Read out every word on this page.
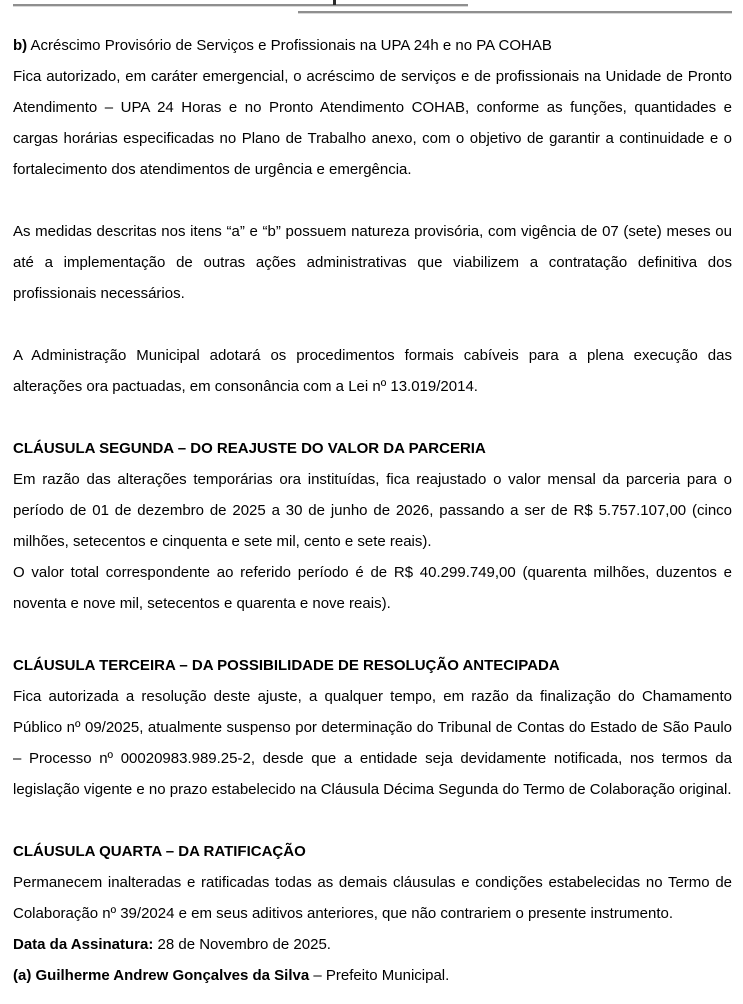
b) Acréscimo Provisório de Serviços e Profissionais na UPA 24h e no PA COHAB

Fica autorizado, em caráter emergencial, o acréscimo de serviços e de profissionais na Unidade de Pronto Atendimento – UPA 24 Horas e no Pronto Atendimento COHAB, conforme as funções, quantidades e cargas horárias especificadas no Plano de Trabalho anexo, com o objetivo de garantir a continuidade e o fortalecimento dos atendimentos de urgência e emergência.

As medidas descritas nos itens “a” e “b” possuem natureza provisória, com vigência de 07 (sete) meses ou até a implementação de outras ações administrativas que viabilizem a contratação definitiva dos profissionais necessários.

A Administração Municipal adotará os procedimentos formais cabíveis para a plena execução das alterações ora pactuadas, em consonância com a Lei nº 13.019/2014.

CLÁUSULA SEGUNDA – DO REAJUSTE DO VALOR DA PARCERIA

Em razão das alterações temporárias ora instituídas, fica reajustado o valor mensal da parceria para o período de 01 de dezembro de 2025 a 30 de junho de 2026, passando a ser de R$ 5.757.107,00 (cinco milhões, setecentos e cinquenta e sete mil, cento e sete reais).

O valor total correspondente ao referido período é de R$ 40.299.749,00 (quarenta milhões, duzentos e noventa e nove mil, setecentos e quarenta e nove reais).

CLÁUSULA TERCEIRA – DA POSSIBILIDADE DE RESOLUÇÃO ANTECIPADA

Fica autorizada a resolução deste ajuste, a qualquer tempo, em razão da finalização do Chamamento Público nº 09/2025, atualmente suspenso por determinação do Tribunal de Contas do Estado de São Paulo – Processo nº 00020983.989.25-2, desde que a entidade seja devidamente notificada, nos termos da legislação vigente e no prazo estabelecido na Cláusula Décima Segunda do Termo de Colaboração original.

CLÁUSULA QUARTA – DA RATIFICAÇÃO

Permanecem inalteradas e ratificadas todas as demais cláusulas e condições estabelecidas no Termo de Colaboração nº 39/2024 e em seus aditivos anteriores, que não contrariem o presente instrumento.

Data da Assinatura: 28 de Novembro de 2025.

(a) Guilherme Andrew Gonçalves da Silva – Prefeito Municipal.
